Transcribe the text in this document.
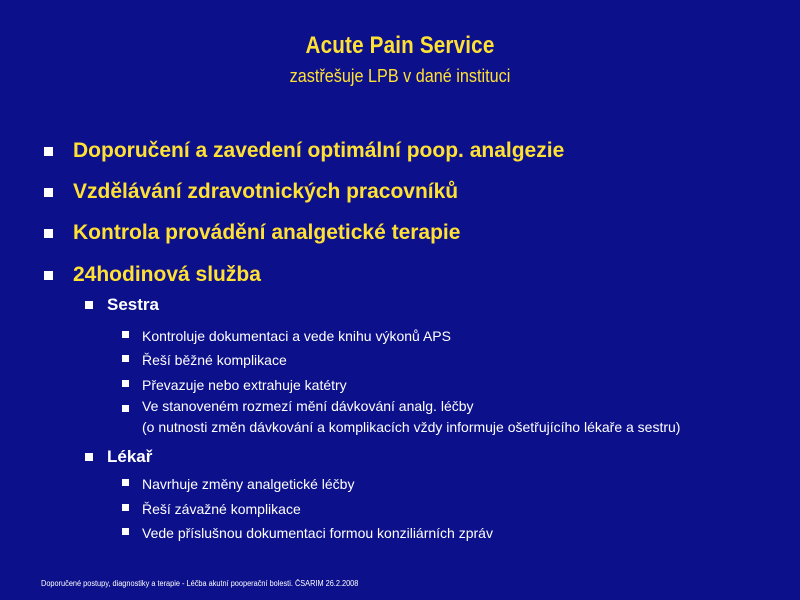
Acute Pain Service
zastřešuje LPB v dané instituci
Doporučení a zavedení optimální poop. analgezie
Vzdělávání zdravotnických pracovníků
Kontrola provádění analgetické terapie
24hodinová služba
Sestra
Kontroluje dokumentaci a vede knihu výkonů APS
Řeší běžné komplikace
Převazuje nebo extrahuje katétry
Ve stanoveném rozmezí mění dávkování analg. léčby
(o nutnosti změn dávkování a komplikacích vždy informuje ošetřujícího lékaře a sestru)
Lékař
Navrhuje změny analgetické léčby
Řeší závažné komplikace
Vede příslušnou dokumentaci formou konziliárních zpráv
Doporučené postupy, diagnostiky a terapie - Léčba akutní pooperační bolesti. ČSARIM 26.2.2008
